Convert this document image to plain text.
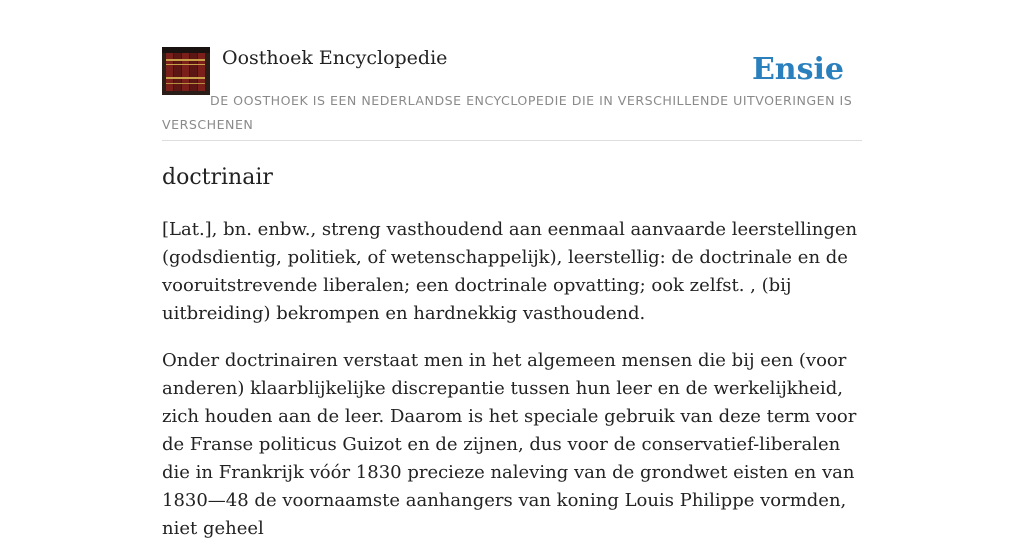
Oosthoek Encyclopedie	Ensie

DE OOSTHOEK IS EEN NEDERLANDSE ENCYCLOPEDIE DIE IN VERSCHILLENDE UITVOERINGEN IS VERSCHENEN

doctrinair

[Lat.], bn. enbw., streng vasthoudend aan eenmaal aanvaarde leerstellingen (godsdientig, politiek, of wetenschappelijk), leerstellig: de doctrinale en de vooruitstrevende liberalen; een doctrinale opvatting; ook zelfst. , (bij uitbreiding) bekrompen en hardnekkig vasthoudend.

Onder doctrinairen verstaat men in het algemeen mensen die bij een (voor anderen) klaarblijkelijke discrepantie tussen hun leer en de werkelijkheid, zich houden aan de leer. Daarom is het speciale gebruik van deze term voor de Franse politicus Guizot en de zijnen, dus voor de conservatief-liberalen die in Frankrijk vóór 1830 precieze naleving van de grondwet eisten en van 1830—48 de voornaamste aanhangers van koning Louis Philippe vormden, niet geheel
